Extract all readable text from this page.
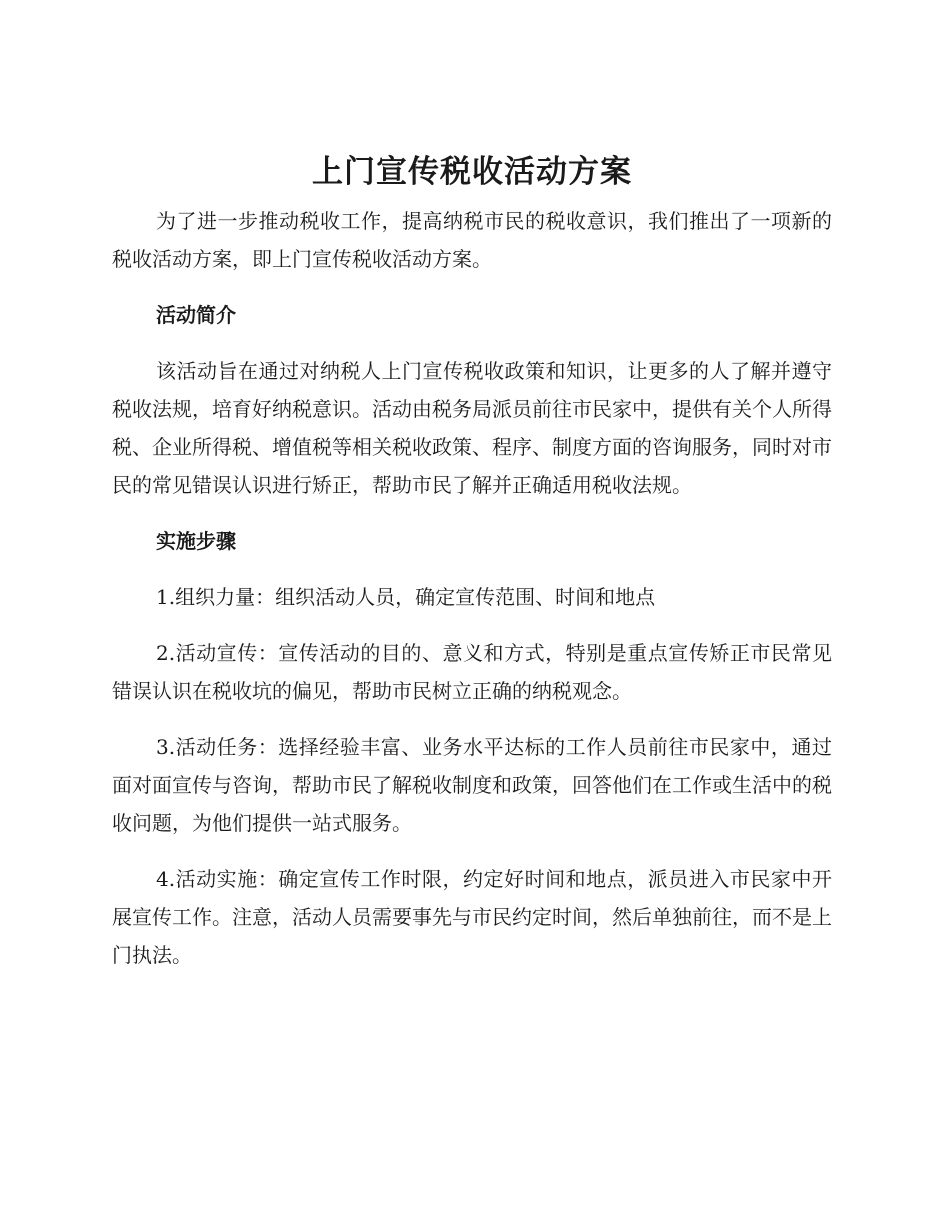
上门宣传税收活动方案

为了进一步推动税收工作，提高纳税市民的税收意识，我们推出了一项新的税收活动方案，即上门宣传税收活动方案。

活动简介

该活动旨在通过对纳税人上门宣传税收政策和知识，让更多的人了解并遵守税收法规，培育好纳税意识。活动由税务局派员前往市民家中，提供有关个人所得税、企业所得税、增值税等相关税收政策、程序、制度方面的咨询服务，同时对市民的常见错误认识进行矫正，帮助市民了解并正确适用税收法规。

实施步骤

1.组织力量：组织活动人员，确定宣传范围、时间和地点

2.活动宣传：宣传活动的目的、意义和方式，特别是重点宣传矫正市民常见错误认识在税收坑的偏见，帮助市民树立正确的纳税观念。

3.活动任务：选择经验丰富、业务水平达标的工作人员前往市民家中，通过面对面宣传与咨询，帮助市民了解税收制度和政策，回答他们在工作或生活中的税收问题，为他们提供一站式服务。

4.活动实施：确定宣传工作时限，约定好时间和地点，派员进入市民家中开展宣传工作。注意，活动人员需要事先与市民约定时间，然后单独前往，而不是上门执法。
